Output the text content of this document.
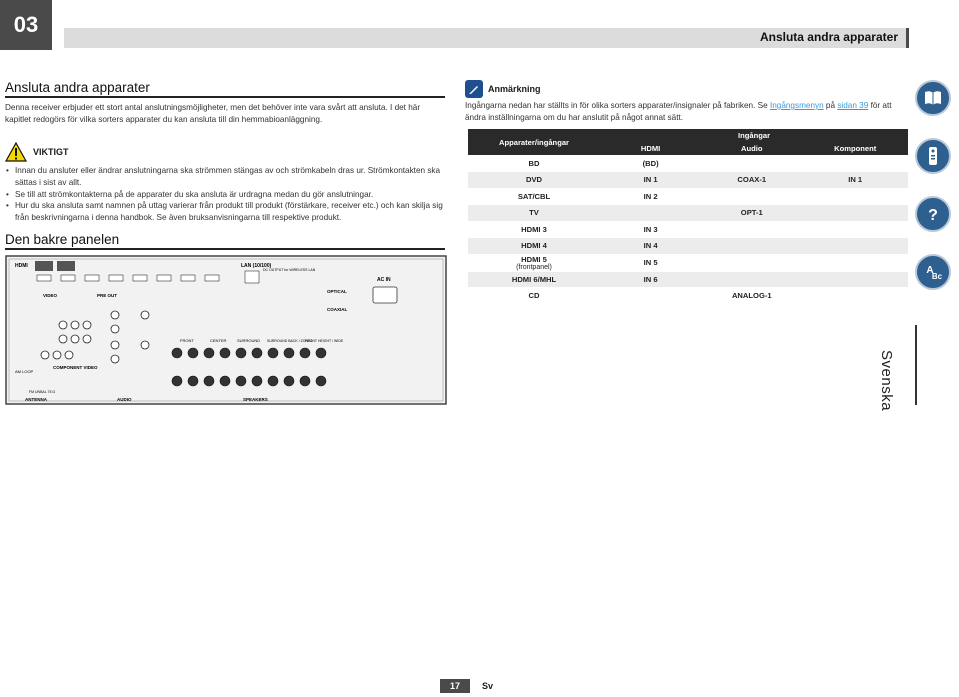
03	Ansluta andra apparater
Ansluta andra apparater

Denna receiver erbjuder ett stort antal anslutningsmöjligheter, men det behöver inte vara svårt att ansluta. I det här kapitlet redogörs för vilka sorters apparater du kan ansluta till din hemmabioanläggning.

VIKTIGT
• Innan du ansluter eller ändrar anslutningarna ska strömmen stängas av och strömkabeln dras ur. Strömkontakten ska sättas i sist av allt.
• Se till att strömkontakterna på de apparater du ska ansluta är urdragna medan du gör anslutningar.
• Hur du ska ansluta samt namnen på uttag varierar från produkt till produkt (förstärkare, receiver etc.) och kan skilja sig från beskrivningarna i denna handbok. Se även bruksanvisningarna till respektive produkt.
Den bakre panelen
HDMI	LAN (10/100)
DC OUTPUT for WIRELESS LAN
AC IN
OPTICAL
COAXIAL
VIDEO	PRE OUT
COMPONENT VIDEO
FRONT	CENTER	SURROUND SURROUND BACK / ZONE2
FRONT HEIGHT / WIDE
AM LOOP
FM UNBAL 75 Ω
ANTENNA	AUDIO	SPEAKERS
Anmärkning

Ingångarna nedan har ställts in för olika sorters apparater/insignaler på fabriken. Se Ingångsmenyn på sidan 39 för att ändra inställningarna om du har anslutit på något annat sätt.

Apparater/ingångar	Ingångar		
	HDMI	Audio	Komponent
BD	(BD)		
DVD	IN 1	COAX-1	IN 1
SAT/CBL	IN 2		
TV		OPT-1	
HDMI 3	IN 3		
HDMI 4	IN 4		
HDMI 5
(frontpanel)	IN 5		
HDMI 6/MHL	IN 6		
CD		ANALOG-1	
?
A
Bc
Svenska
17	Sv
